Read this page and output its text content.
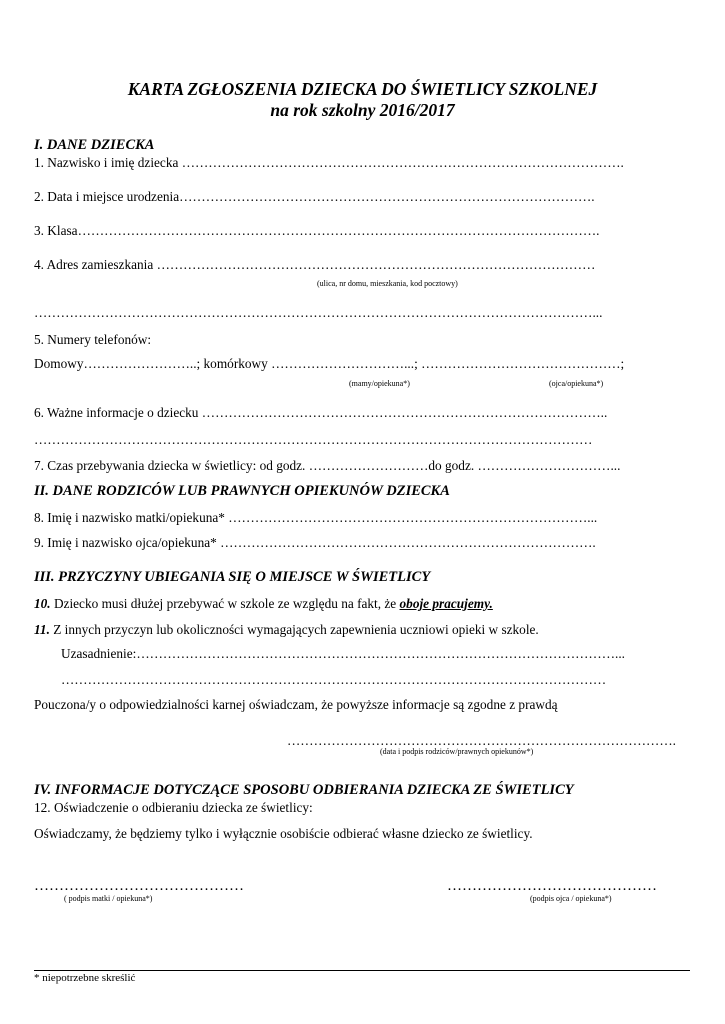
KARTA ZGŁOSZENIA DZIECKA DO ŚWIETLICY SZKOLNEJ
na rok szkolny 2016/2017
I. DANE DZIECKA
1. Nazwisko i imię dziecka ……………………………………………………………………………………….
2. Data i miejsce urodzenia………………………………………………………………………………….
3. Klasa……………………………………………………………………………………………………….
4. Adres zamieszkania ………………………………………………………………………………………
(ulica, nr domu, mieszkania, kod pocztowy)
………………………………………………………………………………………………………………...
5. Numery telefonów:
Domowy……………………..; komórkowy …………………………...; ………………………………………;
(mamy/opiekuna*)	(ojca/opiekuna*)
6. Ważne informacje o dziecku ………………………………………………………………………………..
………………………………………………………………………………………………………………
7. Czas przebywania dziecka w świetlicy: od godz. ………………………do godz. …………………………...
II. DANE RODZICÓW LUB PRAWNYCH OPIEKUNÓW DZIECKA
8. Imię i nazwisko matki/opiekuna* ………………………………………………………………………...
9. Imię i nazwisko ojca/opiekuna* ………………………………………………………………………….
III. PRZYCZYNY UBIEGANIA SIĘ O MIEJSCE W ŚWIETLICY
10. Dziecko musi dłużej przebywać w szkole ze względu na fakt, że oboje pracujemy.
11. Z innych przyczyn lub okoliczności wymagających zapewnienia uczniowi opieki w szkole.
Uzasadnienie:………………………………………………………………………………………………...
……………………………………………………………………………………………………………
Pouczona/y o odpowiedzialności karnej oświadczam, że powyższe informacje są zgodne z prawdą
…………………………………………………………………………….
(data i podpis rodziców/prawnych opiekunów*)
IV. INFORMACJE DOTYCZĄCE SPOSOBU ODBIERANIA DZIECKA ZE ŚWIETLICY
12. Oświadczenie o odbieraniu dziecka ze świetlicy:
Oświadczamy, że będziemy tylko i wyłącznie osobiście odbierać własne dziecko ze świetlicy.
……………………………………
( podpis matki / opiekuna*)
……………………………………
(podpis ojca / opiekuna*)
* niepotrzebne skreślić
